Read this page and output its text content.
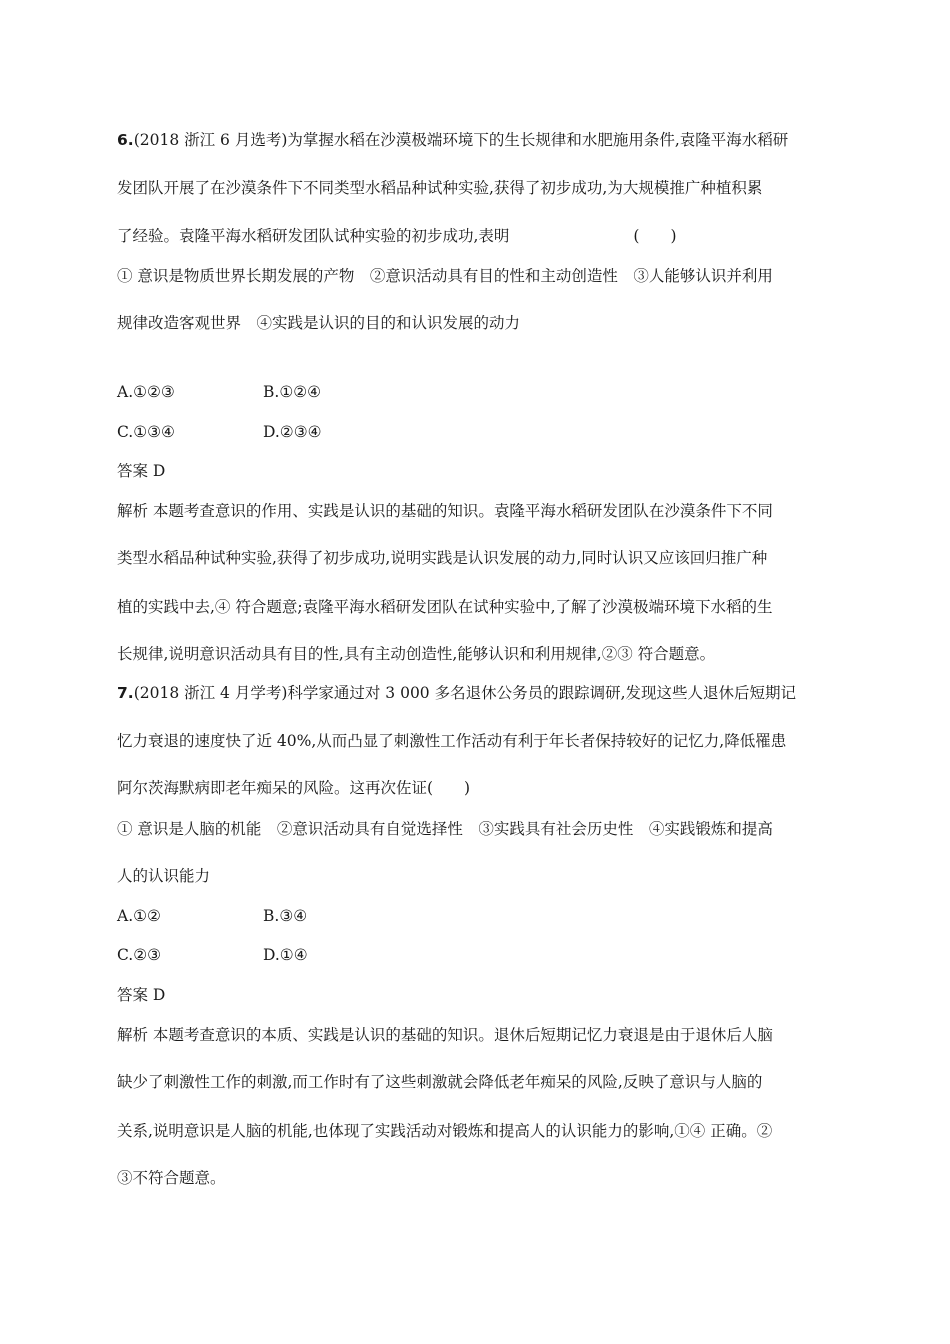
6.(2018 浙江 6 月选考)为掌握水稻在沙漠极端环境下的生长规律和水肥施用条件,袁隆平海水稻研
发团队开展了在沙漠条件下不同类型水稻品种试种实验,获得了初步成功,为大规模推广种植积累
了经验。袁隆平海水稻研发团队试种实验的初步成功,表明　　　　　　　　(　　)
① 意识是物质世界长期发展的产物　②意识活动具有目的性和主动创造性　③人能够认识并利用
规律改造客观世界　④实践是认识的目的和认识发展的动力
A.①②③	B.①②④
C.①③④	D.②③④
答案 D
解析 本题考查意识的作用、实践是认识的基础的知识。袁隆平海水稻研发团队在沙漠条件下不同
类型水稻品种试种实验,获得了初步成功,说明实践是认识发展的动力,同时认识又应该回归推广种
植的实践中去,④ 符合题意;袁隆平海水稻研发团队在试种实验中,了解了沙漠极端环境下水稻的生
长规律,说明意识活动具有目的性,具有主动创造性,能够认识和利用规律,②③ 符合题意。
7.(2018 浙江 4 月学考)科学家通过对 3 000 多名退休公务员的跟踪调研,发现这些人退休后短期记
忆力衰退的速度快了近 40%,从而凸显了刺激性工作活动有利于年长者保持较好的记忆力,降低罹患
阿尔茨海默病即老年痴呆的风险。这再次佐证(　　)
① 意识是人脑的机能　②意识活动具有自觉选择性　③实践具有社会历史性　④实践锻炼和提高
人的认识能力
A.①②	B.③④
C.②③	D.①④
答案 D
解析 本题考查意识的本质、实践是认识的基础的知识。退休后短期记忆力衰退是由于退休后人脑
缺少了刺激性工作的刺激,而工作时有了这些刺激就会降低老年痴呆的风险,反映了意识与人脑的
关系,说明意识是人脑的机能,也体现了实践活动对锻炼和提高人的认识能力的影响,①④ 正确。②
③不符合题意。
